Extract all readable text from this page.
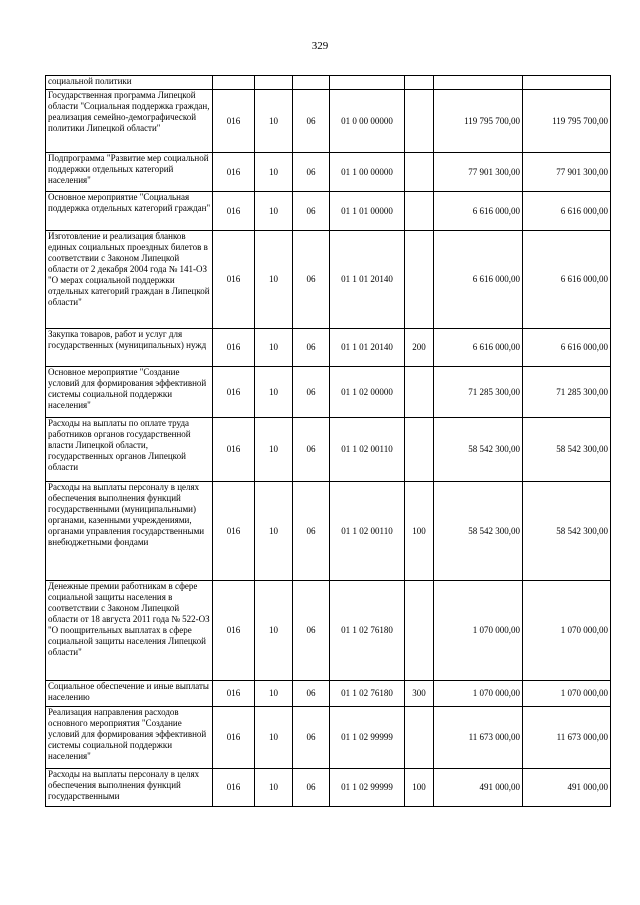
329
социальной политики							
Государственная программа Липецкой области "Социальная поддержка граждан, реализация семейно-демографической политики Липецкой области"	016	10	06	01 0 00 00000		119 795 700,00	119 795 700,00
Подпрограмма "Развитие мер социальной поддержки отдельных категорий населения"	016	10	06	01 1 00 00000		77 901 300,00	77 901 300,00
Основное мероприятие "Социальная поддержка отдельных категорий граждан"	016	10	06	01 1 01 00000		6 616 000,00	6 616 000,00
Изготовление и реализация бланков единых социальных проездных билетов в соответствии с Законом Липецкой области от 2 декабря 2004 года № 141-ОЗ "О мерах социальной поддержки отдельных категорий граждан в Липецкой области"	016	10	06	01 1 01 20140		6 616 000,00	6 616 000,00
Закупка товаров, работ и услуг для государственных (муниципальных) нужд	016	10	06	01 1 01 20140	200	6 616 000,00	6 616 000,00
Основное мероприятие "Создание условий для формирования эффективной системы социальной поддержки населения"	016	10	06	01 1 02 00000		71 285 300,00	71 285 300,00
Расходы на выплаты по оплате труда работников органов государственной власти Липецкой области, государственных органов Липецкой области	016	10	06	01 1 02 00110		58 542 300,00	58 542 300,00
Расходы на выплаты персоналу в целях обеспечения выполнения функций государственными (муниципальными) органами, казенными учреждениями, органами управления государственными внебюджетными фондами	016	10	06	01 1 02 00110	100	58 542 300,00	58 542 300,00
Денежные премии работникам в сфере социальной защиты населения в соответствии с Законом Липецкой области от 18 августа 2011 года № 522-ОЗ "О поощрительных выплатах в сфере социальной защиты населения Липецкой области"	016	10	06	01 1 02 76180		1 070 000,00	1 070 000,00
Социальное обеспечение и иные выплаты населению	016	10	06	01 1 02 76180	300	1 070 000,00	1 070 000,00
Реализация направления расходов основного мероприятия "Создание условий для формирования эффективной системы социальной поддержки населения"	016	10	06	01 1 02 99999		11 673 000,00	11 673 000,00
Расходы на выплаты персоналу в целях обеспечения выполнения функций государственными	016	10	06	01 1 02 99999	100	491 000,00	491 000,00
